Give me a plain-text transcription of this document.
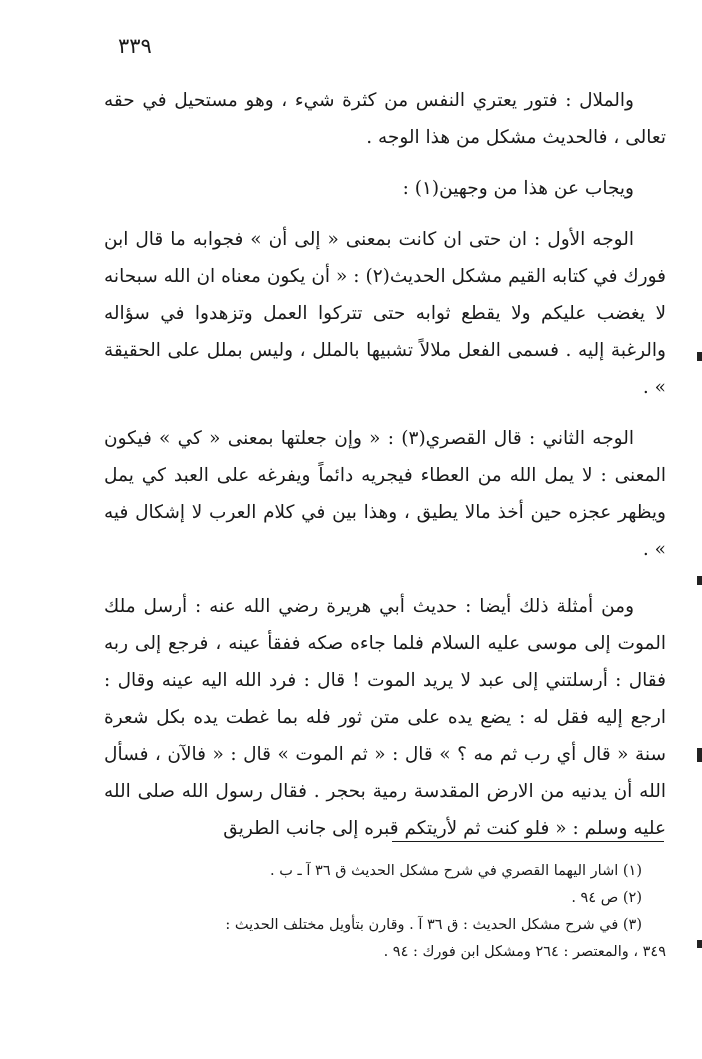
٣٣٩

والملال : فتور يعتري النفس من كثرة شيء ، وهو مستحيل في حقه تعالى ، فالحديث مشكل من هذا الوجه .

ويجاب عن هذا من وجهين(١) :

الوجه الأول : ان حتى ان كانت بمعنى « إلى أن » فجوابه ما قال ابن فورك في كتابه القيم مشكل الحديث(٢) : « أن يكون معناه ان الله سبحانه لا يغضب عليكم ولا يقطع ثوابه حتى تتركوا العمل وتزهدوا في سؤاله والرغبة إليه . فسمى الفعل ملالاً تشبيها بالملل ، وليس بملل على الحقيقة » .

الوجه الثاني : قال القصري(٣) : « وإن جعلتها بمعنى « كي » فيكون المعنى : لا يمل الله من العطاء فيجريه دائماً ويفرغه على العبد كي يمل ويظهر عجزه حين أخذ مالا يطيق ، وهذا بين في كلام العرب لا إشكال فيه » .

ومن أمثلة ذلك أيضا : حديث أبي هريرة رضي الله عنه : أرسل ملك الموت إلى موسى عليه السلام فلما جاءه صكه ففقأ عينه ، فرجع إلى ربه فقال : أرسلتني إلى عبد لا يريد الموت ! قال : فرد الله اليه عينه وقال : ارجع إليه فقل له : يضع يده على متن ثور فله بما غطت يده بكل شعرة سنة « قال أي رب ثم مه ؟ » قال : « ثم الموت » قال : « فالآن ، فسأل الله أن يدنيه من الارض المقدسة رمية بحجر . فقال رسول الله صلى الله عليه وسلم : « فلو كنت ثم لأريتكم قبره إلى جانب الطريق

(١) اشار اليهما القصري في شرح مشكل الحديث ق ٣٦ آ ـ ب .

(٢) ص ٩٤ .

(٣) في شرح مشكل الحديث : ق ٣٦ آ . وقارن بتأويل مختلف الحديث :

٣٤٩ ، والمعتصر : ٢٦٤ ومشكل ابن فورك : ٩٤ .
